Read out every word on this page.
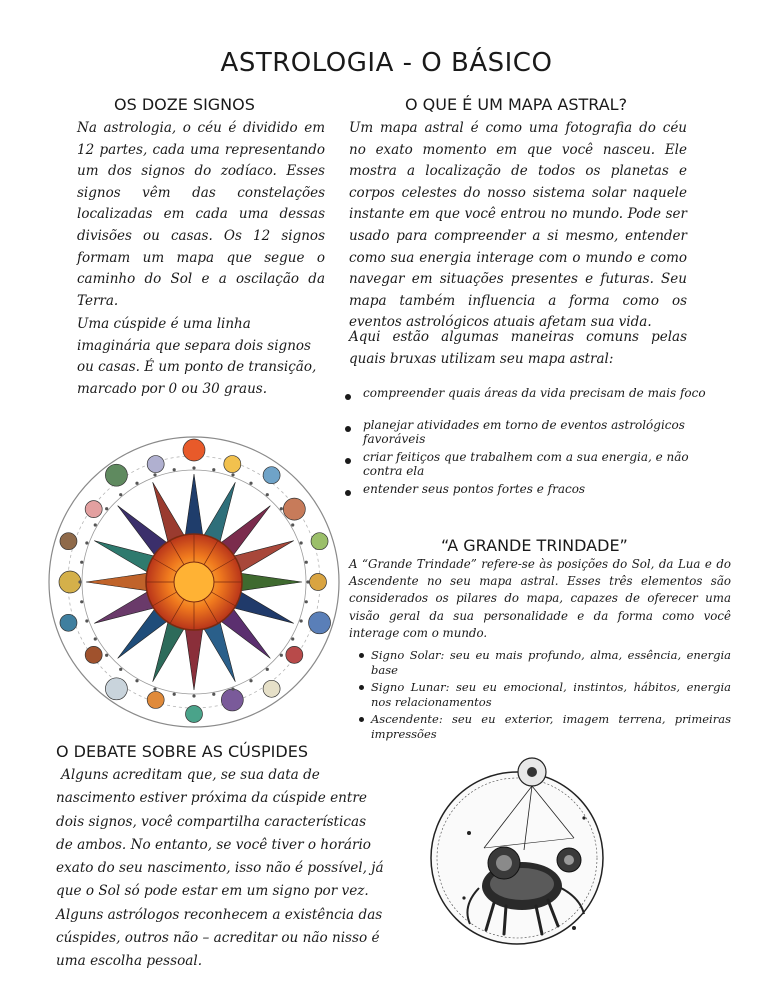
ASTROLOGIA - O BÁSICO
OS DOZE SIGNOS

Na astrologia, o céu é dividido em 12 partes, cada uma representando um dos signos do zodíaco. Esses signos vêm das constelações localizadas em cada uma dessas divisões ou casas. Os 12 signos formam um mapa que segue o caminho do Sol e a oscilação da Terra.

Uma cúspide é uma linha imaginária que separa dois signos ou casas. É um ponto de transição, marcado por 0 ou 30 graus.

O QUE É UM MAPA ASTRAL?

Um mapa astral é como uma fotografia do céu no exato momento em que você nasceu. Ele mostra a localização de todos os planetas e corpos celestes do nosso sistema solar naquele instante em que você entrou no mundo. Pode ser usado para compreender a si mesmo, entender como sua energia interage com o mundo e como navegar em situações presentes e futuras. Seu mapa também influencia a forma como os eventos astrológicos atuais afetam sua vida.

Aqui estão algumas maneiras comuns pelas quais bruxas utilizam seu mapa astral:

compreender quais áreas da vida precisam de mais foco
planejar atividades em torno de eventos astrológicos favoráveis
criar feitiços que trabalhem com a sua energia, e não contra ela
entender seus pontos fortes e fracos
“A GRANDE TRINDADE”

A “Grande Trindade” refere-se às posições do Sol, da Lua e do Ascendente no seu mapa astral. Esses três elementos são considerados os pilares do mapa, capazes de oferecer uma visão geral da sua personalidade e da forma como você interage com o mundo.

Signo Solar: seu eu mais profundo, alma, essência, energia base
Signo Lunar: seu eu emocional, instintos, hábitos, energia nos relacionamentos
Ascendente: seu eu exterior, imagem terrena, primeiras impressões
O DEBATE SOBRE AS CÚSPIDES

Alguns acreditam que, se sua data de nascimento estiver próxima da cúspide entre dois signos, você compartilha características de ambos. No entanto, se você tiver o horário exato do seu nascimento, isso não é possível, já que o Sol só pode estar em um signo por vez. Alguns astrólogos reconhecem a existência das cúspides, outros não – acreditar ou não nisso é uma escolha pessoal.
